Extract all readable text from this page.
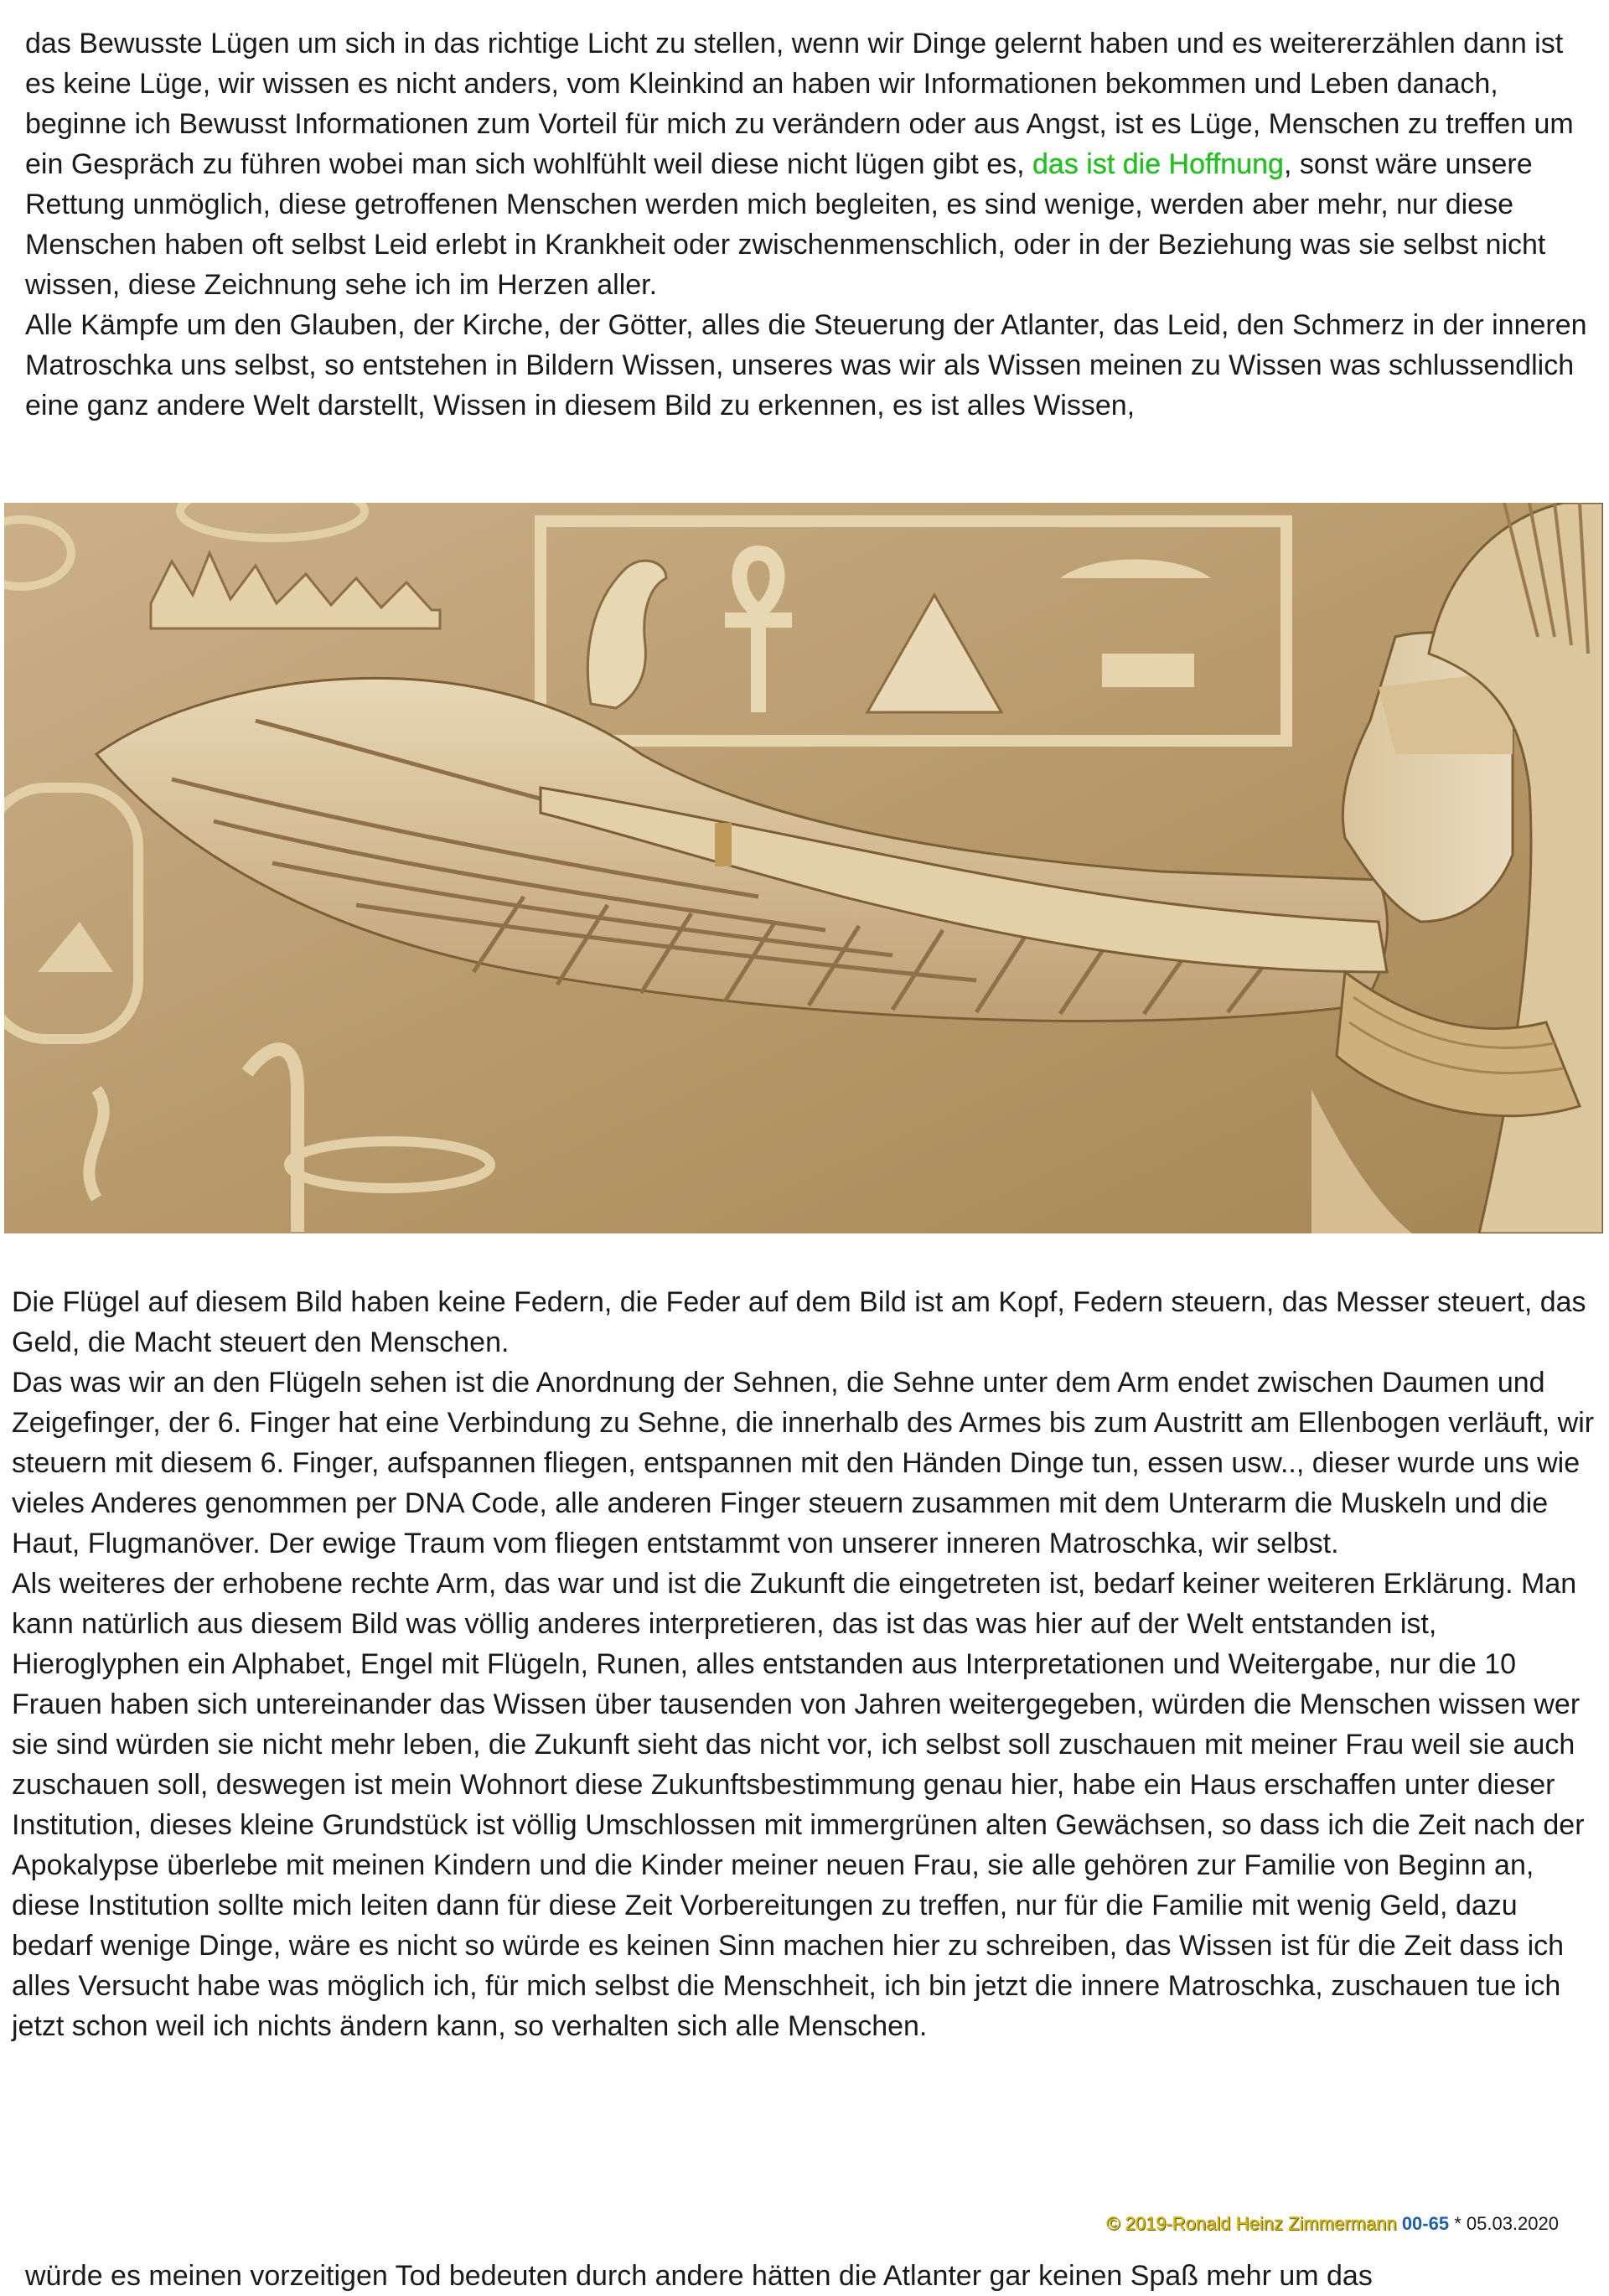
das Bewusste Lügen um sich in das richtige Licht zu stellen, wenn wir Dinge gelernt haben und es weitererzählen dann ist es keine Lüge, wir wissen es nicht anders, vom Kleinkind an haben wir Informationen bekommen und Leben danach, beginne ich Bewusst Informationen zum Vorteil für mich zu verändern oder aus Angst, ist es Lüge, Menschen zu treffen um ein Gespräch zu führen wobei man sich wohlfühlt weil diese nicht lügen gibt es, das ist die Hoffnung, sonst wäre unsere Rettung unmöglich, diese getroffenen Menschen werden mich begleiten, es sind wenige, werden aber mehr, nur diese Menschen haben oft selbst Leid erlebt in Krankheit oder zwischenmenschlich, oder in der Beziehung was sie selbst nicht wissen, diese Zeichnung sehe ich im Herzen aller.

Alle Kämpfe um den Glauben, der Kirche, der Götter, alles die Steuerung der Atlanter, das Leid, den Schmerz in der inneren Matroschka uns selbst, so entstehen in Bildern Wissen, unseres was wir als Wissen meinen zu Wissen was schlussendlich eine ganz andere Welt darstellt, Wissen in diesem Bild zu erkennen, es ist alles Wissen,

Die Flügel auf diesem Bild haben keine Federn, die Feder auf dem Bild ist am Kopf, Federn steuern, das Messer steuert, das Geld, die Macht steuert den Menschen.

Das was wir an den Flügeln sehen ist die Anordnung der Sehnen, die Sehne unter dem Arm endet zwischen Daumen und Zeigefinger, der 6. Finger hat eine Verbindung zu Sehne, die innerhalb des Armes bis zum Austritt am Ellenbogen verläuft, wir steuern mit diesem 6. Finger, aufspannen fliegen, entspannen mit den Händen Dinge tun, essen usw.., dieser wurde uns wie vieles Anderes genommen per DNA Code, alle anderen Finger steuern zusammen mit dem Unterarm die Muskeln und die Haut, Flugmanöver. Der ewige Traum vom fliegen entstammt von unserer inneren Matroschka, wir selbst.

Als weiteres der erhobene rechte Arm, das war und ist die Zukunft die eingetreten ist, bedarf keiner weiteren Erklärung. Man kann natürlich aus diesem Bild was völlig anderes interpretieren, das ist das was hier auf der Welt entstanden ist, Hieroglyphen ein Alphabet, Engel mit Flügeln, Runen, alles entstanden aus Interpretationen und Weitergabe, nur die 10 Frauen haben sich untereinander das Wissen über tausenden von Jahren weitergegeben, würden die Menschen wissen wer sie sind würden sie nicht mehr leben, die Zukunft sieht das nicht vor, ich selbst soll zuschauen mit meiner Frau weil sie auch zuschauen soll, deswegen ist mein Wohnort diese Zukunftsbestimmung genau hier, habe ein Haus erschaffen unter dieser Institution, dieses kleine Grundstück ist völlig Umschlossen mit immergrünen alten Gewächsen, so dass ich die Zeit nach der Apokalypse überlebe mit meinen Kindern und die Kinder meiner neuen Frau, sie alle gehören zur Familie von Beginn an, diese Institution sollte mich leiten dann für diese Zeit Vorbereitungen zu treffen, nur für die Familie mit wenig Geld, dazu bedarf wenige Dinge, wäre es nicht so würde es keinen Sinn machen hier zu schreiben, das Wissen ist für die Zeit dass ich alles Versucht habe was möglich ich, für mich selbst die Menschheit, ich bin jetzt die innere Matroschka, zuschauen tue ich jetzt schon weil ich nichts ändern kann, so verhalten sich alle Menschen.

© 2019-Ronald Heinz Zimmermann 00-65 * 05.03.2020
würde es meinen vorzeitigen Tod bedeuten durch andere hätten die Atlanter gar keinen Spaß mehr um das
